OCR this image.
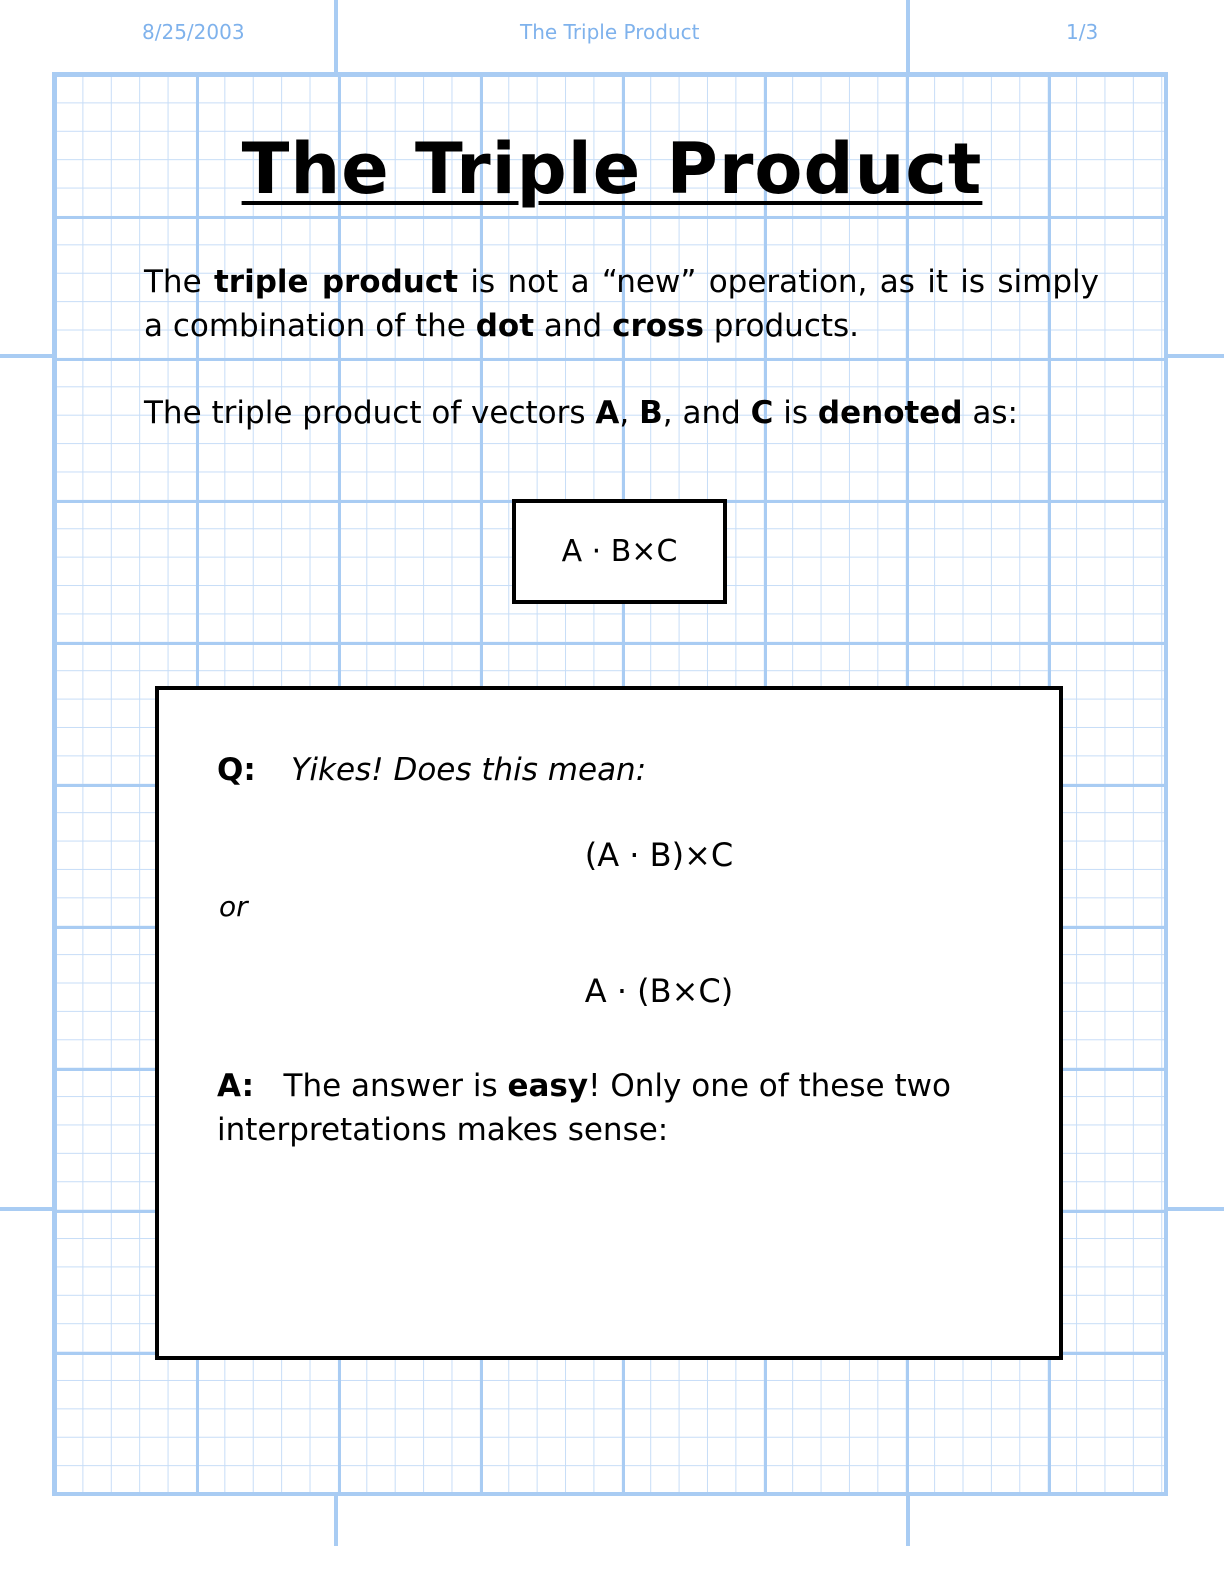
8/25/2003	The Triple Product	1/3
The Triple Product
The triple product is not a “new” operation, as it is simply a combination of the dot and cross products.
The triple product of vectors A, B, and C is denoted as:
A · B×C
Q: Yikes! Does this mean:
(A · B)×C
or
A · (B×C)
A: The answer is easy! Only one of these two interpretations makes sense:
